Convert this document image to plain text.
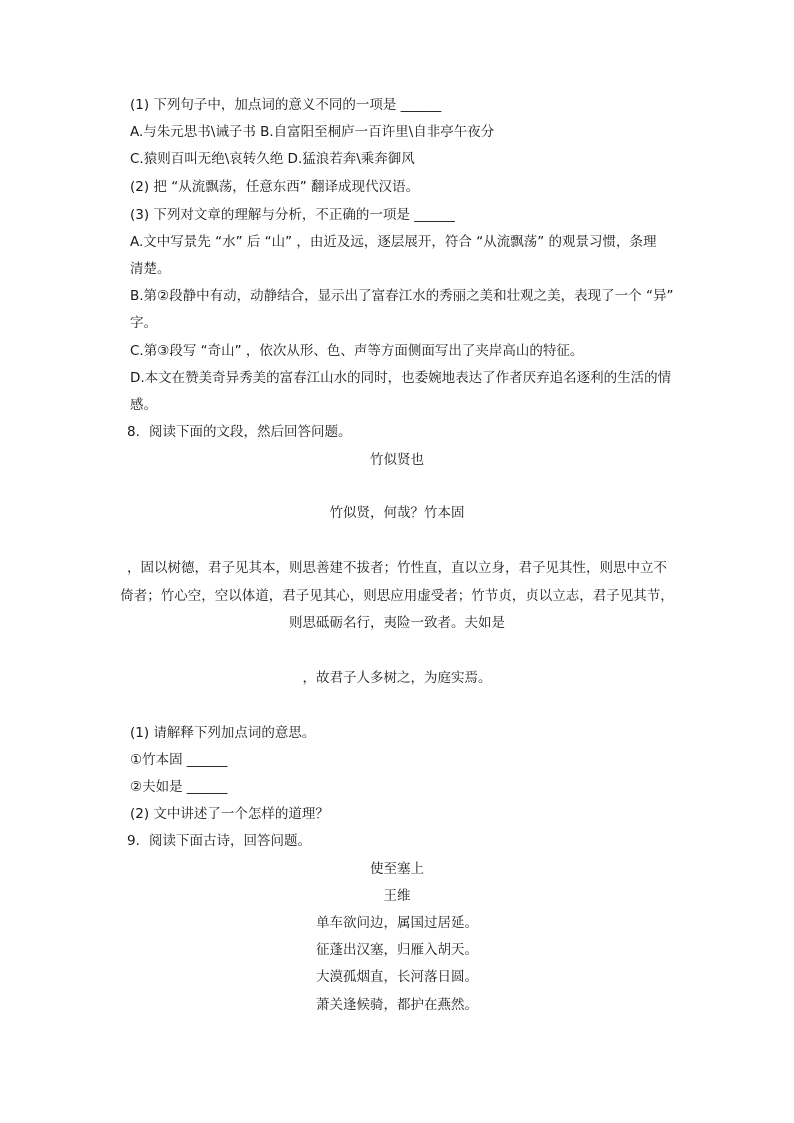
(1) 下列句子中，加点词的意义不同的一项是 ______
A.与朱元思书\诫子书 B.自富阳至桐庐一百许里\自非亭午夜分
C.猿则百叫无绝\哀转久绝 D.猛浪若奔\乘奔御风
(2) 把 “从流飘荡，任意东西” 翻译成现代汉语。
(3) 下列对文章的理解与分析，不正确的一项是 ______
A.文中写景先 “水” 后 “山” ，由近及远，逐层展开，符合 “从流飘荡” 的观景习惯，条理
清楚。
B.第②段静中有动，动静结合，显示出了富春江水的秀丽之美和壮观之美，表现了一个 “异”
字。
C.第③段写 “奇山” ，依次从形、色、声等方面侧面写出了夹岸高山的特征。
D.本文在赞美奇异秀美的富春江山水的同时，也委婉地表达了作者厌弃追名逐利的生活的情
感。
8. 阅读下面的文段，然后回答问题。
竹似贤也
竹似贤，何哉？竹本固
，固以树德，君子见其本，则思善建不拔者；竹性直，直以立身，君子见其性，则思中立不
倚者；竹心空，空以体道，君子见其心，则思应用虚受者；竹节贞，贞以立志，君子见其节，
则思砥砺名行，夷险一致者。夫如是
，故君子人多树之，为庭实焉。
(1) 请解释下列加点词的意思。
①竹本固 ______
②夫如是 ______
(2) 文中讲述了一个怎样的道理？
9. 阅读下面古诗，回答问题。
使至塞上
王维
单车欲问边，属国过居延。
征蓬出汉塞，归雁入胡天。
大漠孤烟直，长河落日圆。
萧关逢候骑，都护在燕然。
